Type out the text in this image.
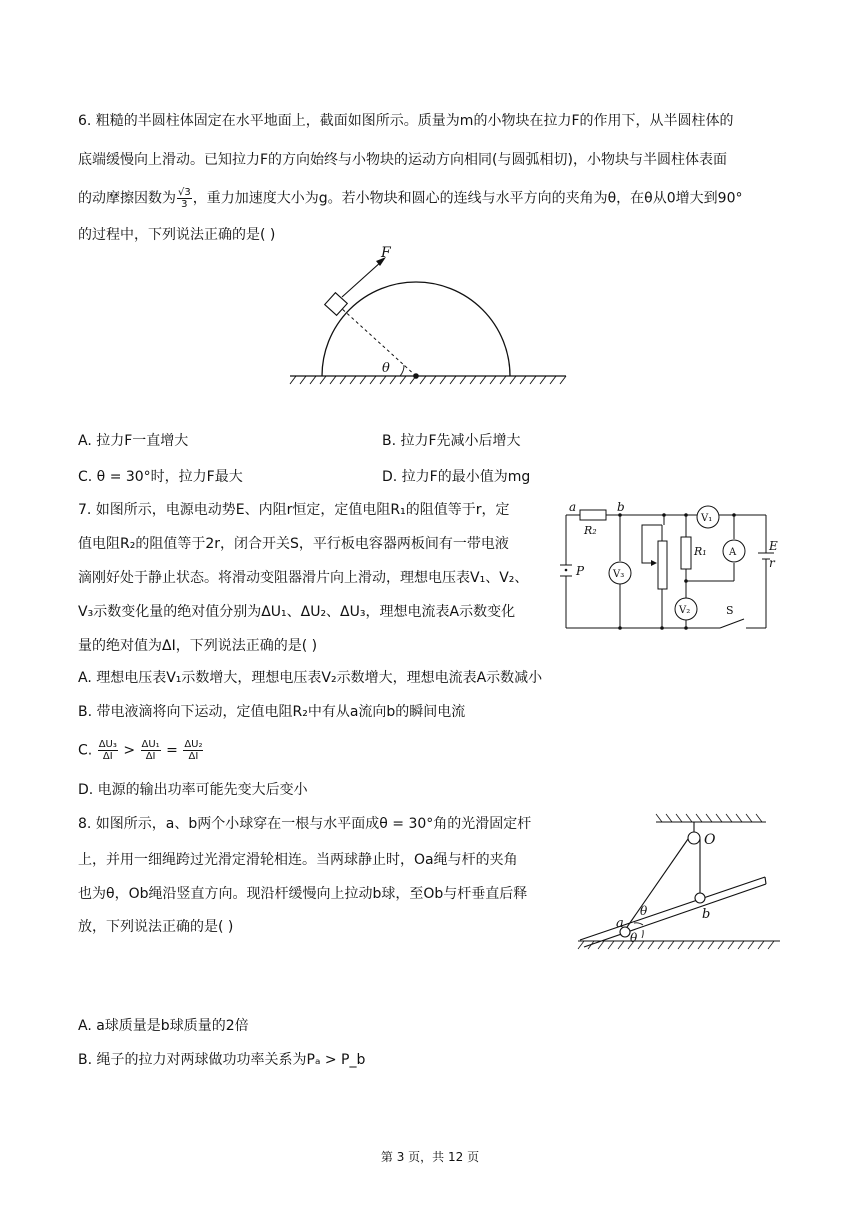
6. 粗糙的半圆柱体固定在水平地面上，截面如图所示。质量为m的小物块在拉力F的作用下，从半圆柱体的
底端缓慢向上滑动。已知拉力F的方向始终与小物块的运动方向相同(与圆弧相切)，小物块与半圆柱体表面
的动摩擦因数为 $\frac{√3}{3}$ ，重力加速度大小为g。若小物块和圆心的连线与水平方向的夹角为θ，在θ从0增大到90°
的过程中，下列说法正确的是( )
F
θ
A. 拉力F一直增大	B. 拉力F先减小后增大
C. θ = 30°时，拉力F最大	D. 拉力F的最小值为mg
7. 如图所示，电源电动势E、内阻r恒定，定值电阻R₁的阻值等于r，定
值电阻R₂的阻值等于2r，闭合开关S，平行板电容器两板间有一带电液
滴刚好处于静止状态。将滑动变阻器滑片向上滑动，理想电压表V₁、V₂、
V₃示数变化量的绝对值分别为ΔU₁、ΔU₂、ΔU₃，理想电流表A示数变化
量的绝对值为ΔI，下列说法正确的是( )
a	b
R₂
R₁
V₃
V₁
V₂
A	E
r
P
S
A. 理想电压表V₁示数增大，理想电压表V₂示数增大，理想电流表A示数减小
B. 带电液滴将向下运动，定值电阻R₂中有从a流向b的瞬间电流
C. $\frac{\text{ΔU₃}}{\Delta I} > \frac{\text{ΔU₁}}{\Delta I} = \frac{\text{ΔU₂}}{\Delta I}$
D. 电源的输出功率可能先变大后变小
8. 如图所示，a、b两个小球穿在一根与水平面成θ = 30°角的光滑固定杆
上，并用一细绳跨过光滑定滑轮相连。当两球静止时，Oa绳与杆的夹角
也为θ，Ob绳沿竖直方向。现沿杆缓慢向上拉动b球，至Ob与杆垂直后释
放，下列说法正确的是( )
O
a
b
θ
θ
A. a球质量是b球质量的2倍
B. 绳子的拉力对两球做功功率关系为Pₐ > P_b
第 3 页，共 12 页
